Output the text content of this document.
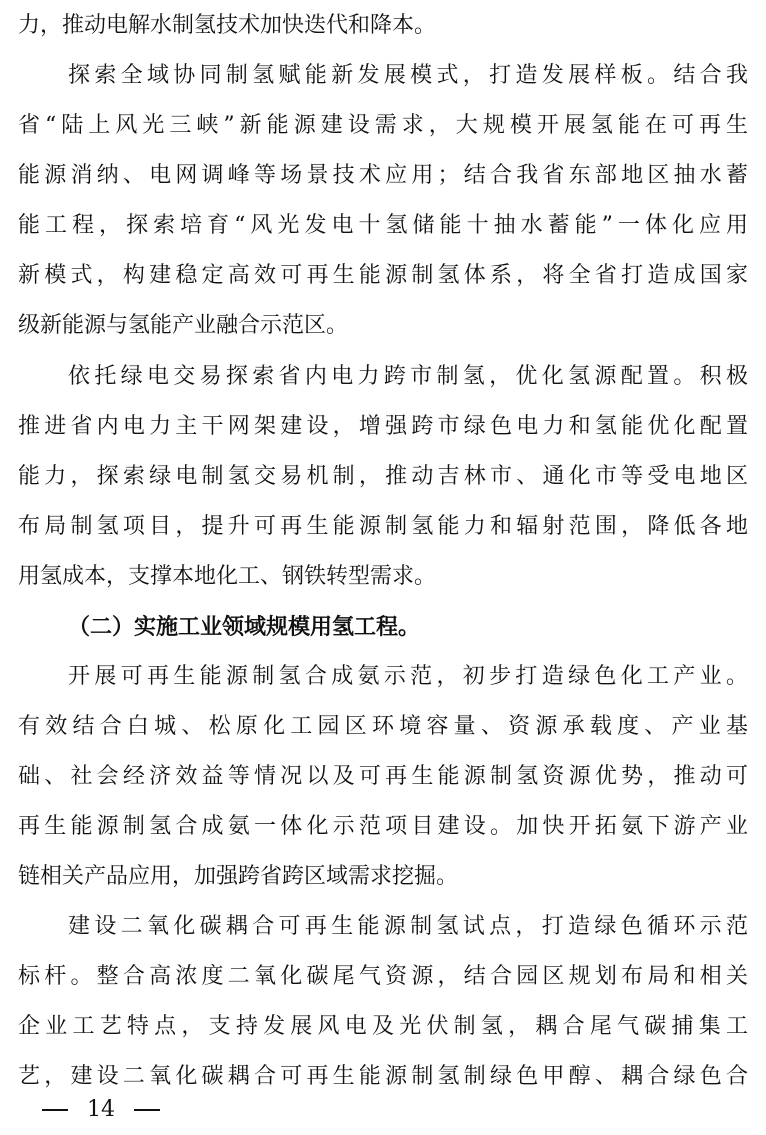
力，推动电解水制氢技术加快迭代和降本。
探索全域协同制氢赋能新发展模式，打造发展样板。结合我
省“陆上风光三峡”新能源建设需求，大规模开展氢能在可再生
能源消纳、电网调峰等场景技术应用；结合我省东部地区抽水蓄
能工程，探索培育“风光发电十氢储能十抽水蓄能”一体化应用
新模式，构建稳定高效可再生能源制氢体系，将全省打造成国家
级新能源与氢能产业融合示范区。
依托绿电交易探索省内电力跨市制氢，优化氢源配置。积极
推进省内电力主干网架建设，增强跨市绿色电力和氢能优化配置
能力，探索绿电制氢交易机制，推动吉林市、通化市等受电地区
布局制氢项目，提升可再生能源制氢能力和辐射范围，降低各地
用氢成本，支撑本地化工、钢铁转型需求。
（二）实施工业领域规模用氢工程。
开展可再生能源制氢合成氨示范，初步打造绿色化工产业。
有效结合白城、松原化工园区环境容量、资源承载度、产业基
础、社会经济效益等情况以及可再生能源制氢资源优势，推动可
再生能源制氢合成氨一体化示范项目建设。加快开拓氨下游产业
链相关产品应用，加强跨省跨区域需求挖掘。
建设二氧化碳耦合可再生能源制氢试点，打造绿色循环示范
标杆。整合高浓度二氧化碳尾气资源，结合园区规划布局和相关
企业工艺特点，支持发展风电及光伏制氢，耦合尾气碳捕集工
艺，建设二氧化碳耦合可再生能源制氢制绿色甲醇、耦合绿色合
14
